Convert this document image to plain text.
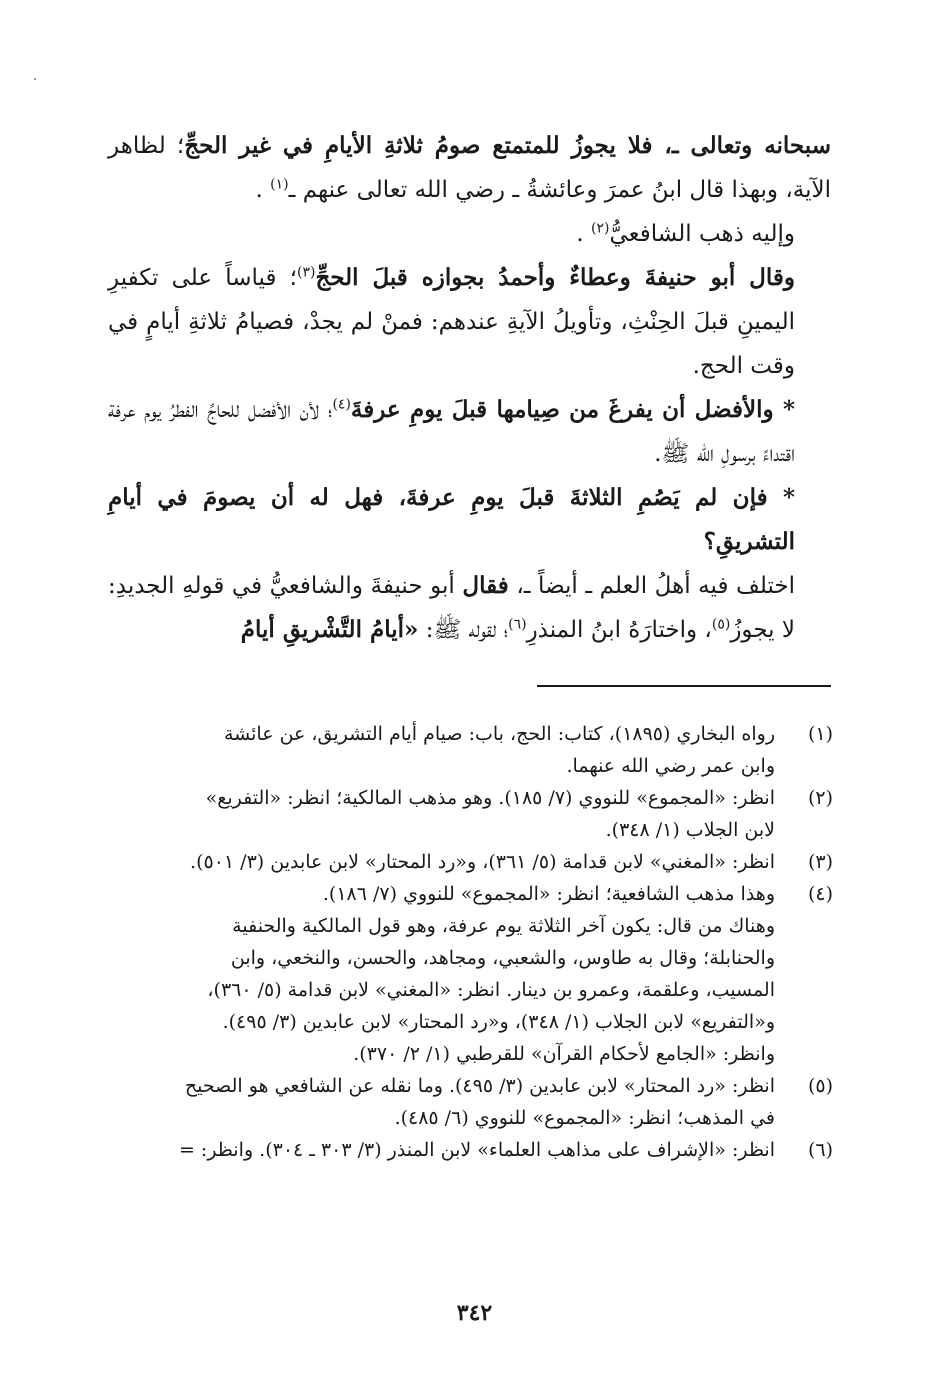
سبحانه وتعالى ـ، فلا يجوزُ للمتمتع صومُ ثلاثةِ الأيامِ في غير الحجِّ؛ لظاهر الآية، وبهذا قال ابنُ عمرَ وعائشةُ ـ رضي الله تعالى عنهم ـ$^{(١)}$ .

وإليه ذهب الشافعيُّ$^{(٢)}$ .

وقال أبو حنيفةَ وعطاءٌ وأحمدُ بجوازه قبلَ الحجِّ$^{(٣)}$؛ قياساً على تكفيرِ اليمينِ قبلَ الحِنْثِ، وتأويلُ الآيةِ عندهم: فمنْ لم يجدْ، فصيامُ ثلاثةِ أيامٍ في وقت الحج.

* والأفضل أن يفرغَ من صِيامها قبلَ يومِ عرفةَ$^{(٤)}$؛ لأن الأفضل للحاجِّ الفطرُ يوم عرفة اقتداءً برسولِ الله ﷺ.

* فإن لم يَصُمِ الثلاثةَ قبلَ يومِ عرفةَ، فهل له أن يصومَ في أيامِ التشريقِ؟

اختلف فيه أهلُ العلم ـ أيضاً ـ، فقال أبو حنيفةَ والشافعيُّ في قولهِ الجديدِ: لا يجوزُ$^{(٥)}$، واختارَهُ ابنُ المنذرِ$^{(٦)}$؛ لقوله ﷺ: «أيامُ التَّشْريقِ أيامُ

(١)
رواه البخاري (١٨٩٥)، كتاب: الحج، باب: صيام أيام التشريق، عن عائشة
وابن عمر رضي الله عنهما.
(٢)
انظر: «المجموع» للنووي (٧/ ١٨٥). وهو مذهب المالكية؛ انظر: «التفريع»
لابن الجلاب (١/ ٣٤٨).
(٣)
انظر: «المغني» لابن قدامة (٥/ ٣٦١)، و«رد المحتار» لابن عابدين (٣/ ٥٠١).
(٤)
وهذا مذهب الشافعية؛ انظر: «المجموع» للنووي (٧/ ١٨٦).
وهناك من قال: يكون آخر الثلاثة يوم عرفة، وهو قول المالكية والحنفية
والحنابلة؛ وقال به طاوس، والشعبي، ومجاهد، والحسن، والنخعي، وابن
المسيب، وعلقمة، وعمرو بن دينار. انظر: «المغني» لابن قدامة (٥/ ٣٦٠)،
و«التفريع» لابن الجلاب (١/ ٣٤٨)، و«رد المحتار» لابن عابدين (٣/ ٤٩٥).
وانظر: «الجامع لأحكام القرآن» للقرطبي (١/ ٢/ ٣٧٠).
(٥)
انظر: «رد المحتار» لابن عابدين (٣/ ٤٩٥). وما نقله عن الشافعي هو الصحيح
في المذهب؛ انظر: «المجموع» للنووي (٦/ ٤٨٥).
(٦)
انظر: «الإشراف على مذاهب العلماء» لابن المنذر (٣/ ٣٠٣ ـ ٣٠٤). وانظر: =
٣٤٢
